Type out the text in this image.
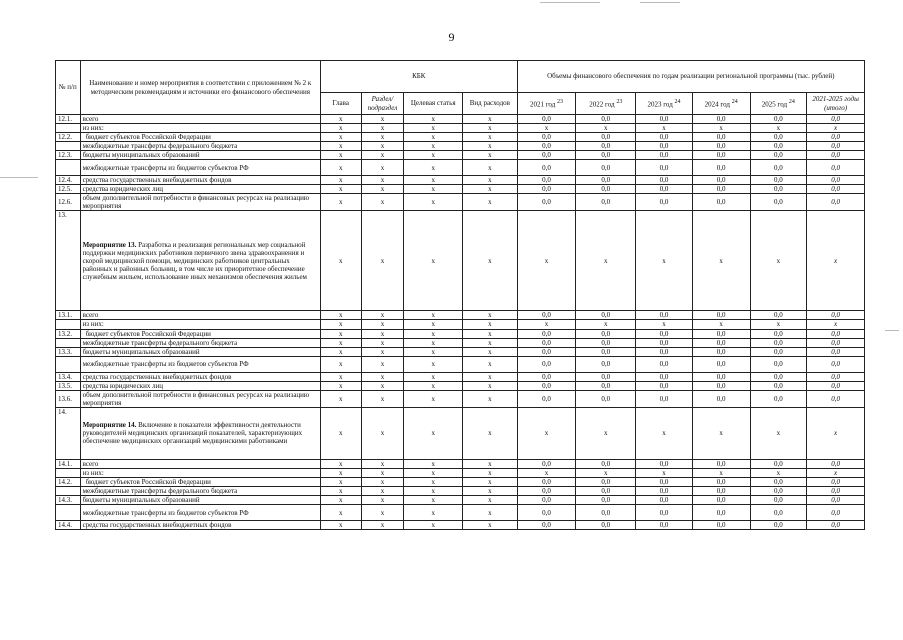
9
№ п/п	Наименование и номер мероприятия в соответствии с приложением № 2 к методическим рекомендациям и источники его финансового обеспечения	КБК				Объемы финансового обеспечения по годам реализации региональной программы (тыс. рублей)					
		Глава	Раздел/ подраздел	Целевая статья	Вид расходов	2021 год $^{23}$	2022 год $^{23}$	2023 год $^{24}$	2024 год $^{24}$	2025 год $^{24}$	2021-2025 годы (итого)
12.1.	всего	x	x	x	x	0,0	0,0	0,0	0,0	0,0	0,0
	из них:	x	x	x	x	x	x	x	x	x	x
12.2.	бюджет субъектов Российской Федерации	x	x	x	x	0,0	0,0	0,0	0,0	0,0	0,0
	межбюджетные трансферты федерального бюджета	x	x	x	x	0,0	0,0	0,0	0,0	0,0	0,0
12.3.	бюджеты муниципальных образований	x	x	x	x	0,0	0,0	0,0	0,0	0,0	0,0
	межбюджетные трансферты из бюджетов субъектов РФ	x	x	x	x	0,0	0,0	0,0	0,0	0,0	0,0
12.4.	средства государственных внебюджетных фондов	x	x	x	x	0,0	0,0	0,0	0,0	0,0	0,0
12.5.	средства юридических лиц	x	x	x	x	0,0	0,0	0,0	0,0	0,0	0,0
12.6.	объем дополнительной потребности в финансовых ресурсах на реализацию мероприятия	x	x	x	x	0,0	0,0	0,0	0,0	0,0	0,0
13.	Мероприятие 13. Разработка и реализация региональных мер социальной поддержки медицинских работников первичного звена здравоохранения и скорой медицинской помощи, медицинских работников центральных районных и районных больниц, в том числе их приоритетное обеспечение служебным жильем, использование иных механизмов обеспечения жильем	x	x	x	x	x	x	x	x	x	x
13.1.	всего	x	x	x	x	0,0	0,0	0,0	0,0	0,0	0,0
	из них:	x	x	x	x	x	x	x	x	x	x
13.2.	бюджет субъектов Российской Федерации	x	x	x	x	0,0	0,0	0,0	0,0	0,0	0,0
	межбюджетные трансферты федерального бюджета	x	x	x	x	0,0	0,0	0,0	0,0	0,0	0,0
13.3.	бюджеты муниципальных образований	x	x	x	x	0,0	0,0	0,0	0,0	0,0	0,0
	межбюджетные трансферты из бюджетов субъектов РФ	x	x	x	x	0,0	0,0	0,0	0,0	0,0	0,0
13.4.	средства государственных внебюджетных фондов	x	x	x	x	0,0	0,0	0,0	0,0	0,0	0,0
13.5.	средства юридических лиц	x	x	x	x	0,0	0,0	0,0	0,0	0,0	0,0
13.6.	объем дополнительной потребности в финансовых ресурсах на реализацию мероприятия	x	x	x	x	0,0	0,0	0,0	0,0	0,0	0,0
14.	Мероприятие 14. Включение в показатели эффективности деятельности руководителей медицинских организаций показателей, характеризующих обеспечение медицинских организаций медицинскими работниками	x	x	x	x	x	x	x	x	x	x
14.1.	всего	x	x	x	x	0,0	0,0	0,0	0,0	0,0	0,0
	из них:	x	x	x	x	x	x	x	x	x	x
14.2.	бюджет субъектов Российской Федерации	x	x	x	x	0,0	0,0	0,0	0,0	0,0	0,0
	межбюджетные трансферты федерального бюджета	x	x	x	x	0,0	0,0	0,0	0,0	0,0	0,0
14.3.	бюджеты муниципальных образований	x	x	x	x	0,0	0,0	0,0	0,0	0,0	0,0
	межбюджетные трансферты из бюджетов субъектов РФ	x	x	x	x	0,0	0,0	0,0	0,0	0,0	0,0
14.4.	средства государственных внебюджетных фондов	x	x	x	x	0,0	0,0	0,0	0,0	0,0	0,0
